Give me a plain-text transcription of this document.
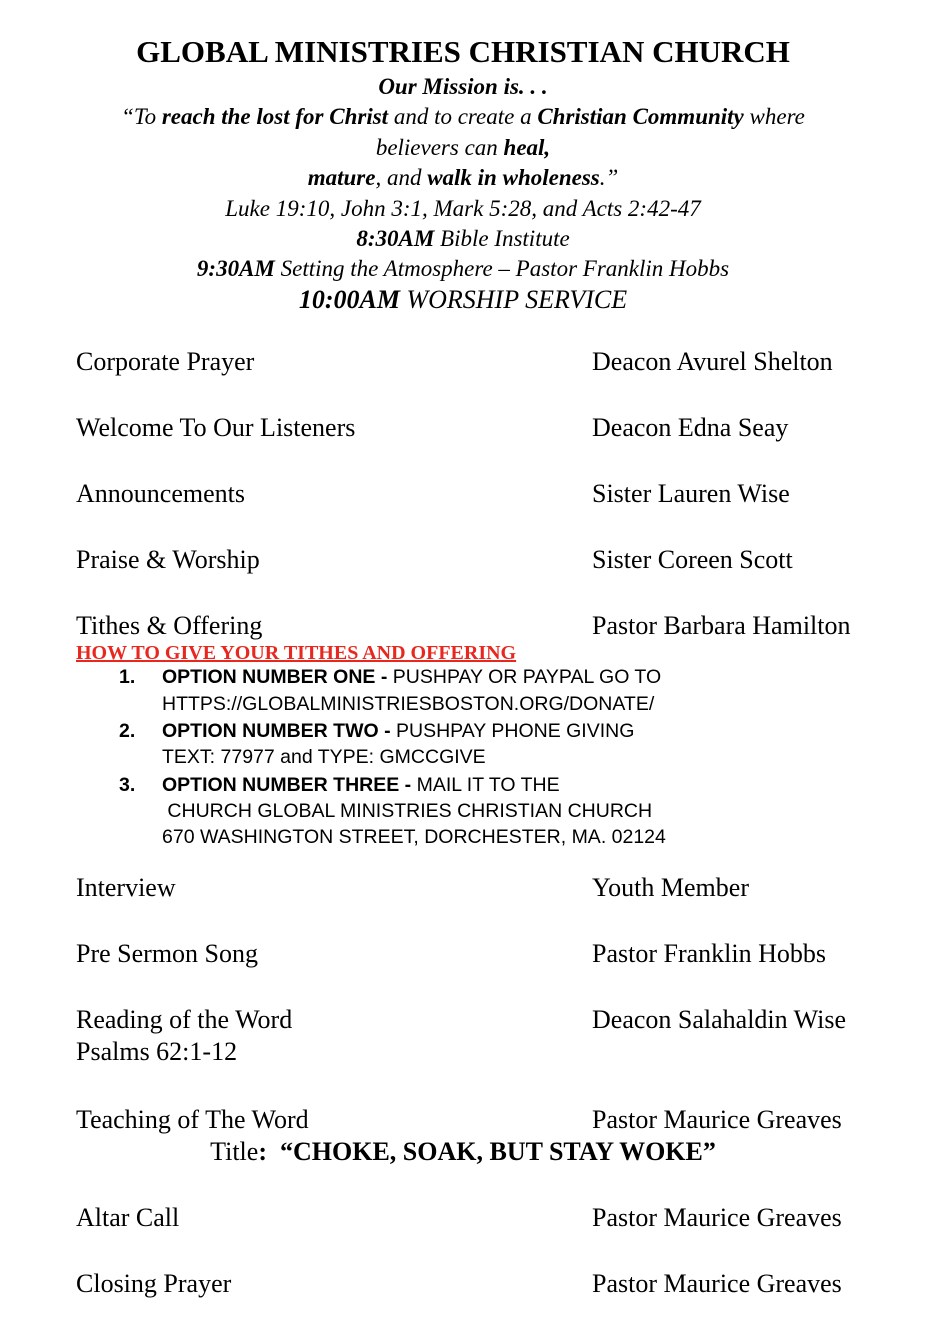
GLOBAL MINISTRIES CHRISTIAN CHURCH
Our Mission is. . .
“To reach the lost for Christ and to create a Christian Community where
believers can heal,
mature, and walk in wholeness.”
Luke 19:10, John 3:1, Mark 5:28, and Acts 2:42-47
8:30AM Bible Institute
9:30AM Setting the Atmosphere – Pastor Franklin Hobbs
10:00AM WORSHIP SERVICE
Corporate Prayer	Deacon Avurel Shelton
Welcome To Our Listeners	Deacon Edna Seay
Announcements	Sister Lauren Wise
Praise & Worship	Sister Coreen Scott
Tithes & Offering	Pastor Barbara Hamilton
HOW TO GIVE YOUR TITHES AND OFFERING
1. OPTION NUMBER ONE - PUSHPAY OR PAYPAL GO TO
HTTPS://GLOBALMINISTRIESBOSTON.ORG/DONATE/
2. OPTION NUMBER TWO - PUSHPAY PHONE GIVING
TEXT: 77977 and TYPE: GMCCGIVE
3. OPTION NUMBER THREE - MAIL IT TO THE
CHURCH GLOBAL MINISTRIES CHRISTIAN CHURCH
670 WASHINGTON STREET, DORCHESTER, MA. 02124
Interview	Youth Member
Pre Sermon Song	Pastor Franklin Hobbs
Reading of the Word	Deacon Salahaldin Wise
Psalms 62:1-12
Teaching of The Word	Pastor Maurice Greaves
Title:  “CHOKE, SOAK, BUT STAY WOKE”
Altar Call	Pastor Maurice Greaves
Closing Prayer	Pastor Maurice Greaves
